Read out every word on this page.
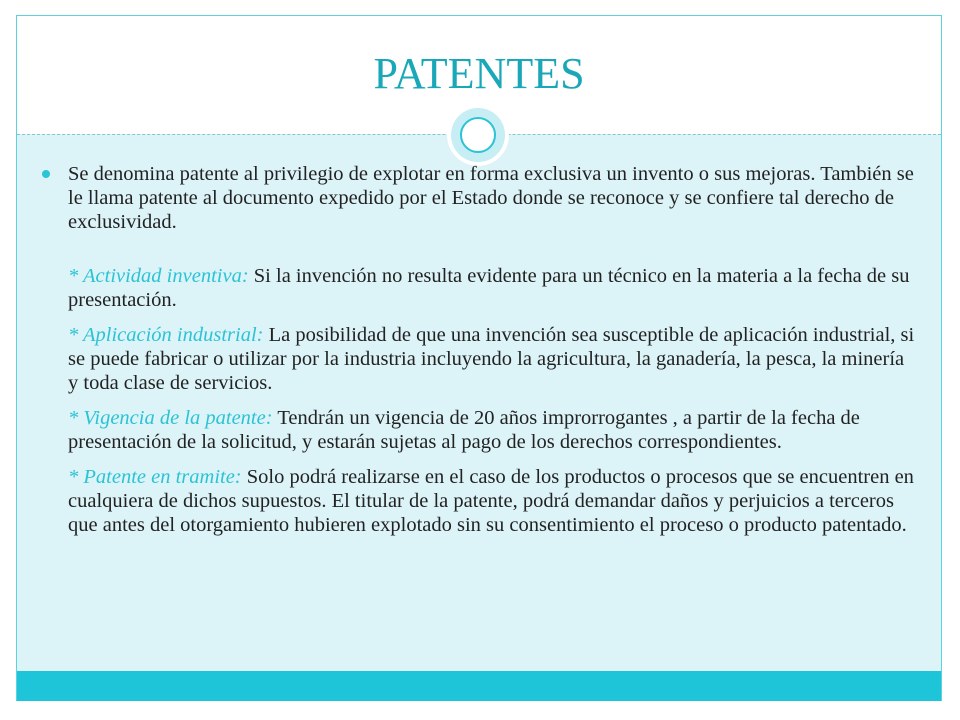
PATENTES

Se denomina patente al privilegio de explotar en forma exclusiva un invento o sus mejoras. También se le llama patente al documento expedido por el Estado donde se reconoce y se confiere tal derecho de exclusividad.

* Actividad inventiva: Si la invención no resulta evidente para un técnico en la materia a la fecha de su presentación.

* Aplicación industrial: La posibilidad de que una invención sea susceptible de aplicación industrial, si se puede fabricar o utilizar por la industria incluyendo la agricultura, la ganadería, la pesca, la minería y toda clase de servicios.

* Vigencia de la patente: Tendrán un vigencia de 20 años improrrogantes , a partir de la fecha de presentación de la solicitud, y estarán sujetas al pago de los derechos correspondientes.

* Patente en tramite: Solo podrá realizarse en el caso de los productos o procesos que se encuentren en cualquiera de dichos supuestos. El titular de la patente, podrá demandar daños y perjuicios a terceros que antes del otorgamiento hubieren explotado sin su consentimiento el proceso o producto patentado.
